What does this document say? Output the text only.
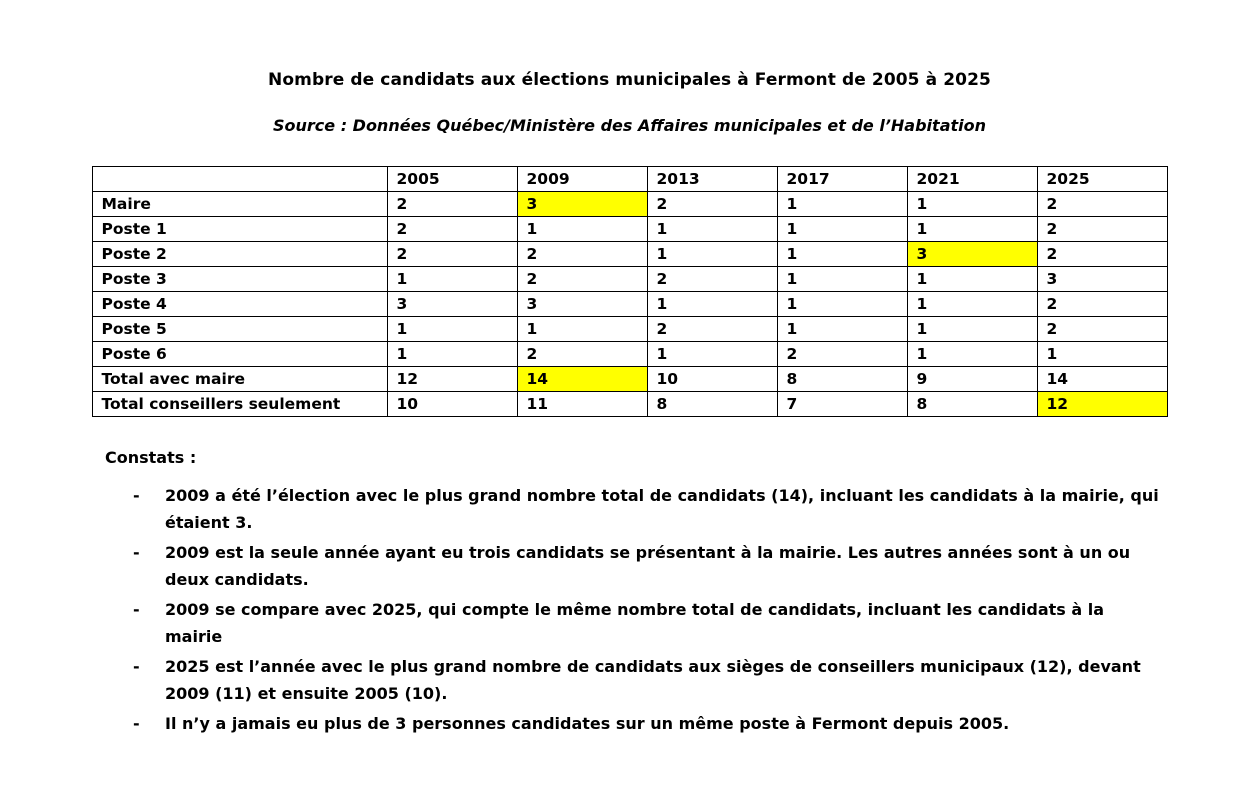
Nombre de candidats aux élections municipales à Fermont de 2005 à 2025
Source : Données Québec/Ministère des Affaires municipales et de l’Habitation
	2005	2009	2013	2017	2021	2025
Maire	2	3	2	1	1	2
Poste 1	2	1	1	1	1	2
Poste 2	2	2	1	1	3	2
Poste 3	1	2	2	1	1	3
Poste 4	3	3	1	1	1	2
Poste 5	1	1	2	1	1	2
Poste 6	1	2	1	2	1	1
Total avec maire	12	14	10	8	9	14
Total conseillers seulement	10	11	8	7	8	12
Constats :
- 2009 a été l’élection avec le plus grand nombre total de candidats (14), incluant les candidats à la mairie, qui étaient 3.
- 2009 est la seule année ayant eu trois candidats se présentant à la mairie. Les autres années sont à un ou deux candidats.
- 2009 se compare avec 2025, qui compte le même nombre total de candidats, incluant les candidats à la mairie
- 2025 est l’année avec le plus grand nombre de candidats aux sièges de conseillers municipaux (12), devant 2009 (11) et ensuite 2005 (10).
- Il n’y a jamais eu plus de 3 personnes candidates sur un même poste à Fermont depuis 2005.
